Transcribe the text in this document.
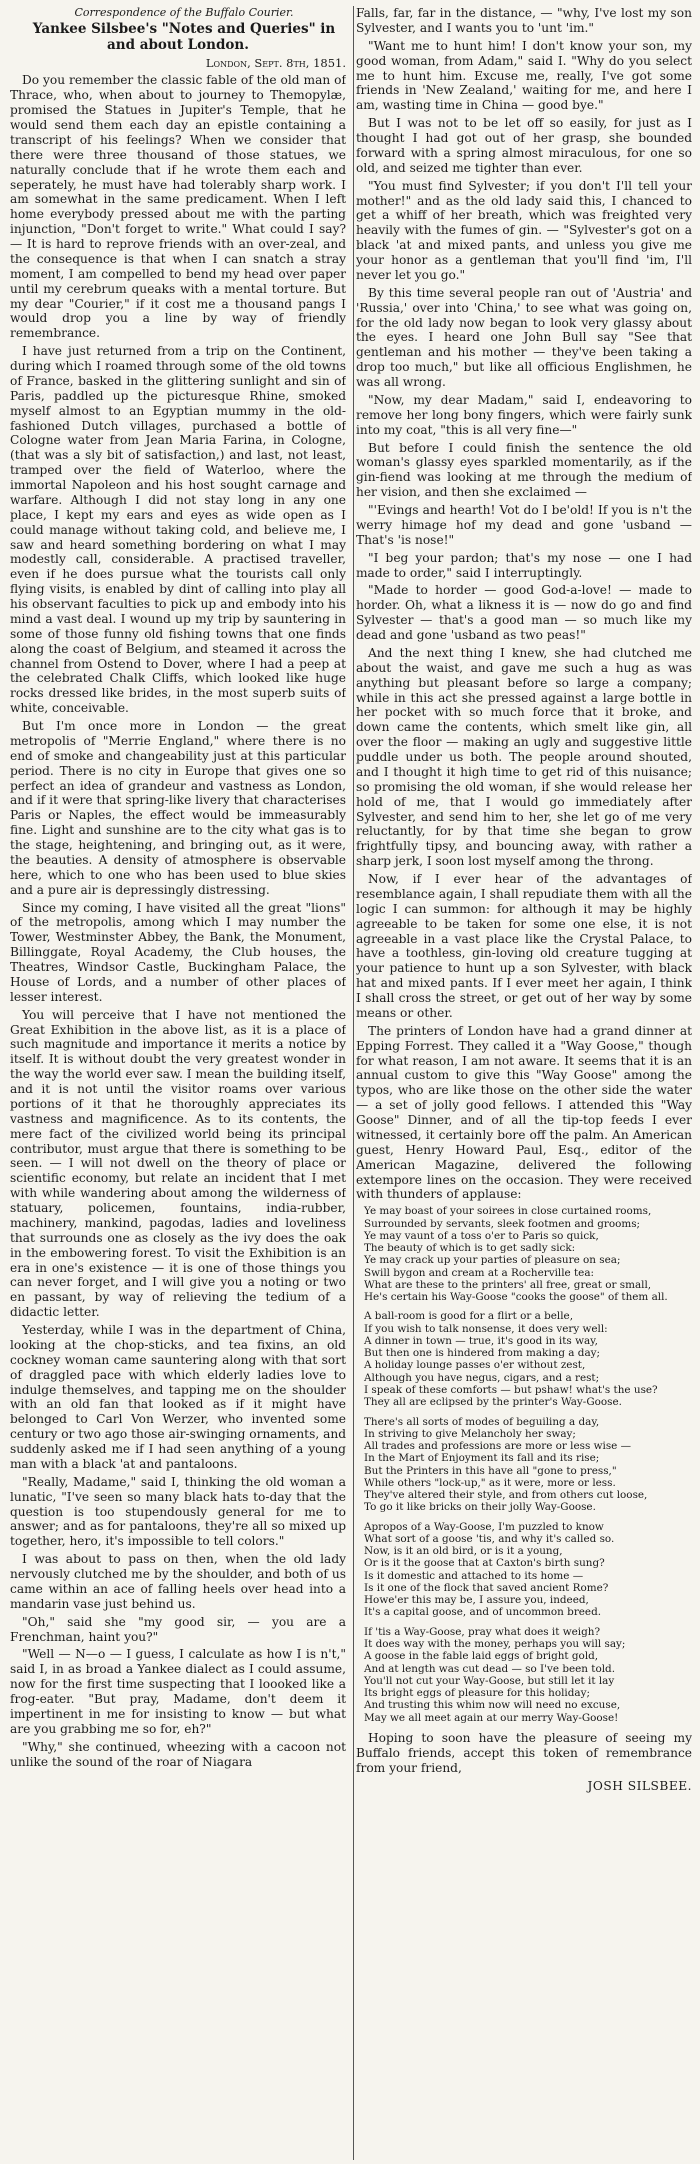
Correspondence of the Buffalo Courier.

Yankee Silsbee's "Notes and Queries" in and about London.

London, Sept. 8th, 1851.

Do you remember the classic fable of the old man of Thrace, who, when about to journey to Themopylæ, promised the Statues in Jupiter's Temple, that he would send them each day an epistle containing a transcript of his feelings? When we consider that there were three thousand of those statues, we naturally conclude that if he wrote them each and seperately, he must have had tolerably sharp work. I am somewhat in the same predicament. When I left home everybody pressed about me with the parting injunction, "Don't forget to write." What could I say? — It is hard to reprove friends with an over-zeal, and the consequence is that when I can snatch a stray moment, I am compelled to bend my head over paper until my cerebrum queaks with a mental torture. But my dear "Courier," if it cost me a thousand pangs I would drop you a line by way of friendly remembrance.

I have just returned from a trip on the Continent, during which I roamed through some of the old towns of France, basked in the glittering sunlight and sin of Paris, paddled up the picturesque Rhine, smoked myself almost to an Egyptian mummy in the old-fashioned Dutch villages, purchased a bottle of Cologne water from Jean Maria Farina, in Cologne, (that was a sly bit of satisfaction,) and last, not least, tramped over the field of Waterloo, where the immortal Napoleon and his host sought carnage and warfare. Although I did not stay long in any one place, I kept my ears and eyes as wide open as I could manage without taking cold, and believe me, I saw and heard something bordering on what I may modestly call, considerable. A practised traveller, even if he does pursue what the tourists call only flying visits, is enabled by dint of calling into play all his observant faculties to pick up and embody into his mind a vast deal. I wound up my trip by sauntering in some of those funny old fishing towns that one finds along the coast of Belgium, and steamed it across the channel from Ostend to Dover, where I had a peep at the celebrated Chalk Cliffs, which looked like huge rocks dressed like brides, in the most superb suits of white, conceivable.

But I'm once more in London — the great metropolis of "Merrie England," where there is no end of smoke and changeability just at this particular period. There is no city in Europe that gives one so perfect an idea of grandeur and vastness as London, and if it were that spring-like livery that characterises Paris or Naples, the effect would be immeasurably fine. Light and sunshine are to the city what gas is to the stage, heightening, and bringing out, as it were, the beauties. A density of atmosphere is observable here, which to one who has been used to blue skies and a pure air is depressingly distressing.

Since my coming, I have visited all the great "lions" of the metropolis, among which I may number the Tower, Westminster Abbey, the Bank, the Monument, Billinggate, Royal Academy, the Club houses, the Theatres, Windsor Castle, Buckingham Palace, the House of Lords, and a number of other places of lesser interest.

You will perceive that I have not mentioned the Great Exhibition in the above list, as it is a place of such magnitude and importance it merits a notice by itself. It is without doubt the very greatest wonder in the way the world ever saw. I mean the building itself, and it is not until the visitor roams over various portions of it that he thoroughly appreciates its vastness and magnificence. As to its contents, the mere fact of the civilized world being its principal contributor, must argue that there is something to be seen. — I will not dwell on the theory of place or scientific economy, but relate an incident that I met with while wandering about among the wilderness of statuary, policemen, fountains, india-rubber, machinery, mankind, pagodas, ladies and loveliness that surrounds one as closely as the ivy does the oak in the embowering forest. To visit the Exhibition is an era in one's existence — it is one of those things you can never forget, and I will give you a noting or two en passant, by way of relieving the tedium of a didactic letter.

Yesterday, while I was in the department of China, looking at the chop-sticks, and tea fixins, an old cockney woman came sauntering along with that sort of draggled pace with which elderly ladies love to indulge themselves, and tapping me on the shoulder with an old fan that looked as if it might have belonged to Carl Von Werzer, who invented some century or two ago those air-swinging ornaments, and suddenly asked me if I had seen anything of a young man with a black 'at and pantaloons.

"Really, Madame," said I, thinking the old woman a lunatic, "I've seen so many black hats to-day that the question is too stupendously general for me to answer; and as for pantaloons, they're all so mixed up together, hero, it's impossible to tell colors."

I was about to pass on then, when the old lady nervously clutched me by the shoulder, and both of us came within an ace of falling heels over head into a mandarin vase just behind us.

"Oh," said she "my good sir, — you are a Frenchman, haint you?"

"Well — N—o — I guess, I calculate as how I is n't," said I, in as broad a Yankee dialect as I could assume, now for the first time suspecting that I loooked like a frog-eater. "But pray, Madame, don't deem it impertinent in me for insisting to know — but what are you grabbing me so for, eh?"

"Why," she continued, wheezing with a cacoon not unlike the sound of the roar of Niagara

Falls, far, far in the distance, — "why, I've lost my son Sylvester, and I wants you to 'unt 'im."

"Want me to hunt him! I don't know your son, my good woman, from Adam," said I. "Why do you select me to hunt him. Excuse me, really, I've got some friends in 'New Zealand,' waiting for me, and here I am, wasting time in China — good bye."

But I was not to be let off so easily, for just as I thought I had got out of her grasp, she bounded forward with a spring almost miraculous, for one so old, and seized me tighter than ever.

"You must find Sylvester; if you don't I'll tell your mother!" and as the old lady said this, I chanced to get a whiff of her breath, which was freighted very heavily with the fumes of gin. — "Sylvester's got on a black 'at and mixed pants, and unless you give me your honor as a gentleman that you'll find 'im, I'll never let you go."

By this time several people ran out of 'Austria' and 'Russia,' over into 'China,' to see what was going on, for the old lady now began to look very glassy about the eyes. I heard one John Bull say "See that gentleman and his mother — they've been taking a drop too much," but like all officious Englishmen, he was all wrong.

"Now, my dear Madam," said I, endeavoring to remove her long bony fingers, which were fairly sunk into my coat, "this is all very fine—"

But before I could finish the sentence the old woman's glassy eyes sparkled momentarily, as if the gin-fiend was looking at me through the medium of her vision, and then she exclaimed —

"'Evings and hearth! Vot do I be'old! If you is n't the werry himage hof my dead and gone 'usband — That's 'is nose!"

"I beg your pardon; that's my nose — one I had made to order," said I interruptingly.

"Made to horder — good God-a-love! — made to horder. Oh, what a likness it is — now do go and find Sylvester — that's a good man — so much like my dead and gone 'usband as two peas!"

And the next thing I knew, she had clutched me about the waist, and gave me such a hug as was anything but pleasant before so large a company; while in this act she pressed against a large bottle in her pocket with so much force that it broke, and down came the contents, which smelt like gin, all over the floor — making an ugly and suggestive little puddle under us both. The people around shouted, and I thought it high time to get rid of this nuisance; so promising the old woman, if she would release her hold of me, that I would go immediately after Sylvester, and send him to her, she let go of me very reluctantly, for by that time she began to grow frightfully tipsy, and bouncing away, with rather a sharp jerk, I soon lost myself among the throng.

Now, if I ever hear of the advantages of resemblance again, I shall repudiate them with all the logic I can summon: for although it may be highly agreeable to be taken for some one else, it is not agreeable in a vast place like the Crystal Palace, to have a toothless, gin-loving old creature tugging at your patience to hunt up a son Sylvester, with black hat and mixed pants. If I ever meet her again, I think I shall cross the street, or get out of her way by some means or other.

The printers of London have had a grand dinner at Epping Forrest. They called it a "Way Goose," though for what reason, I am not aware. It seems that it is an annual custom to give this "Way Goose" among the typos, who are like those on the other side the water — a set of jolly good fellows. I attended this "Way Goose" Dinner, and of all the tip-top feeds I ever witnessed, it certainly bore off the palm. An American guest, Henry Howard Paul, Esq., editor of the American Magazine, delivered the following extempore lines on the occasion. They were received with thunders of applause:

Ye may boast of your soirees in close curtained rooms,
Surrounded by servants, sleek footmen and grooms;
Ye may vaunt of a toss o'er to Paris so quick,
The beauty of which is to get sadly sick:
Ye may crack up your parties of pleasure on sea;
Swill bygon and cream at a Rocherville tea:
What are these to the printers' all free, great or small,
He's certain his Way-Goose "cooks the goose" of them all.
A ball-room is good for a flirt or a belle,
If you wish to talk nonsense, it does very well:
A dinner in town — true, it's good in its way,
But then one is hindered from making a day;
A holiday lounge passes o'er without zest,
Although you have negus, cigars, and a rest;
I speak of these comforts — but pshaw! what's the use?
They all are eclipsed by the printer's Way-Goose.
There's all sorts of modes of beguiling a day,
In striving to give Melancholy her sway;
All trades and professions are more or less wise —
In the Mart of Enjoyment its fall and its rise;
But the Printers in this have all "gone to press,"
While others "lock-up," as it were, more or less.
They've altered their style, and from others cut loose,
To go it like bricks on their jolly Way-Goose.
Apropos of a Way-Goose, I'm puzzled to know
What sort of a goose 'tis, and why it's called so.
Now, is it an old bird, or is it a young,
Or is it the goose that at Caxton's birth sung?
Is it domestic and attached to its home —
Is it one of the flock that saved ancient Rome?
Howe'er this may be, I assure you, indeed,
It's a capital goose, and of uncommon breed.
If 'tis a Way-Goose, pray what does it weigh?
It does way with the money, perhaps you will say;
A goose in the fable laid eggs of bright gold,
And at length was cut dead — so I've been told.
You'll not cut your Way-Goose, but still let it lay
Its bright eggs of pleasure for this holiday;
And trusting this whim now will need no excuse,
May we all meet again at our merry Way-Goose!

Hoping to soon have the pleasure of seeing my Buffalo friends, accept this token of remembrance from your friend,

JOSH SILSBEE.
